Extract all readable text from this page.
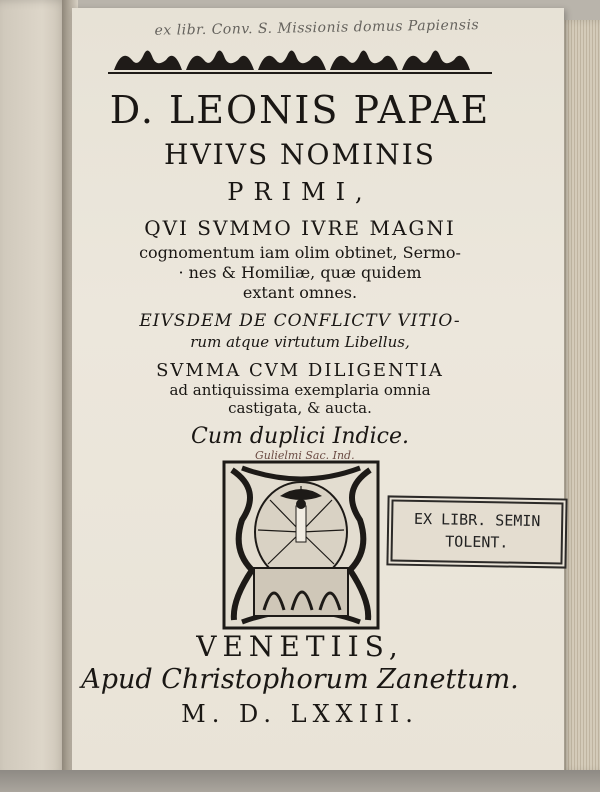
ex libr. Conv. S. Missionis domus Papiensis
D. LEONIS PAPAE
HVIVS NOMINIS
PRIMI,
QVI SVMMO IVRE MAGNI
cognomentum iam olim obtinet, Sermo-
· nes & Homiliæ, quæ quidem
extant omnes.
EIVSDEM DE CONFLICTV VITIO-
rum atque virtutum Libellus,
SVMMA CVM DILIGENTIA
ad antiquissima exemplaria omnia
castigata, & aucta.
Cum duplici Indice.
Gulielmi Sac. Ind.
EX LIBR. SEMIN
TOLENT.
VENETIIS,
Apud Christophorum Zanettum.
M. D. LXXIII.
